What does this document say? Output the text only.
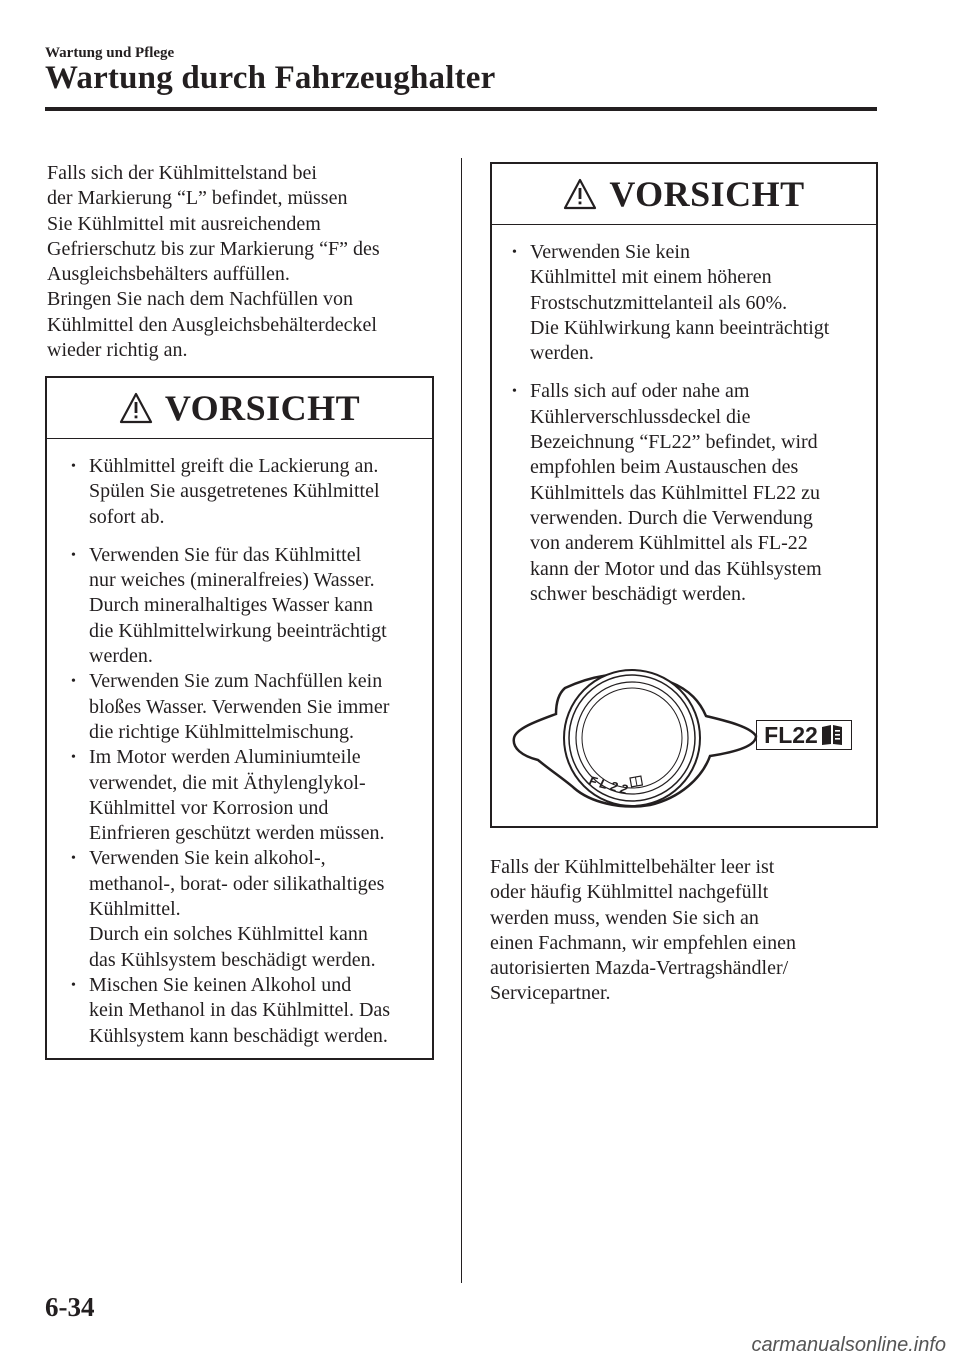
Wartung und Pflege
Wartung durch Fahrzeughalter

Falls sich der Kühlmittelstand bei
der Markierung “L” befindet, müssen
Sie Kühlmittel mit ausreichendem
Gefrierschutz bis zur Markierung “F” des
Ausgleichsbehälters auffüllen.
Bringen Sie nach dem Nachfüllen von
Kühlmittel den Ausgleichsbehälterdeckel
wieder richtig an.

VORSICHT
• Kühlmittel greift die Lackierung an.
Spülen Sie ausgetretenes Kühlmittel
sofort ab.
• Verwenden Sie für das Kühlmittel
nur weiches (mineralfreies) Wasser.
Durch mineralhaltiges Wasser kann
die Kühlmittelwirkung beeinträchtigt
werden.
• Verwenden Sie zum Nachfüllen kein
bloßes Wasser. Verwenden Sie immer
die richtige Kühlmittelmischung.
• Im Motor werden Aluminiumteile
verwendet, die mit Äthylenglykol-
Kühlmittel vor Korrosion und
Einfrieren geschützt werden müssen.
• Verwenden Sie kein alkohol-,
methanol-, borat- oder silikathaltiges
Kühlmittel.
Durch ein solches Kühlmittel kann
das Kühlsystem beschädigt werden.
• Mischen Sie keinen Alkohol und
kein Methanol in das Kühlmittel. Das
Kühlsystem kann beschädigt werden.
VORSICHT
• Verwenden Sie kein
Kühlmittel mit einem höheren
Frostschutzmittelanteil als 60%.
Die Kühlwirkung kann beeinträchtigt
werden.
• Falls sich auf oder nahe am
Kühlerverschlussdeckel die
Bezeichnung “FL22” befindet, wird
empfohlen beim Austauschen des
Kühlmittels das Kühlmittel FL22 zu
verwenden. Durch die Verwendung
von anderem Kühlmittel als FL-22
kann der Motor und das Kühlsystem
schwer beschädigt werden.
FL22
FL22

Falls der Kühlmittelbehälter leer ist
oder häufig Kühlmittel nachgefüllt
werden muss, wenden Sie sich an
einen Fachmann, wir empfehlen einen
autorisierten Mazda-Vertragshändler/
Servicepartner.

6-34
carmanualsonline.info
